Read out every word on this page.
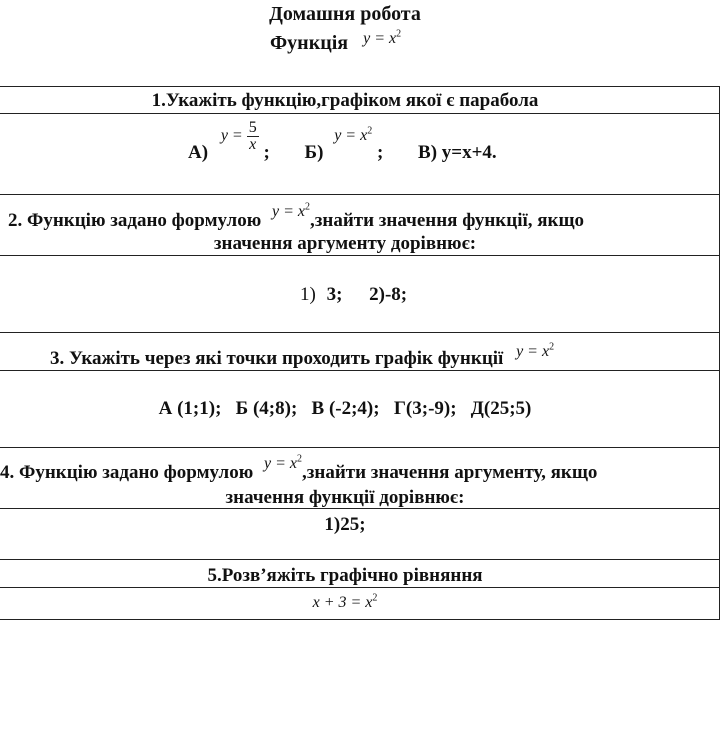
Домашня робота
Функція $^{y = x^2}$
1.Укажіть функцію,графіком якої є парабола
А) $y = \frac{5}{x}$ ; Б) $y = x^2$ ; В) y=x+4.
2. Функцію задано формулою $y = x^2,знайти$ значення функції, якщо
значення аргументу дорівнює:
1) 3; 2)-8;
3. Укажіть через які точки проходить графік функції $y = x^2$
А (1;1);   Б (4;8);   В (-2;4);   Г(3;-9);   Д(25;5)
4. Функцію задано формулою $y = x^2,знайти$ значення аргументу, якщо
значення функції дорівнює:
1)25;
5.Розв’яжіть графічно рівняння
$x + 3 = x^2$
